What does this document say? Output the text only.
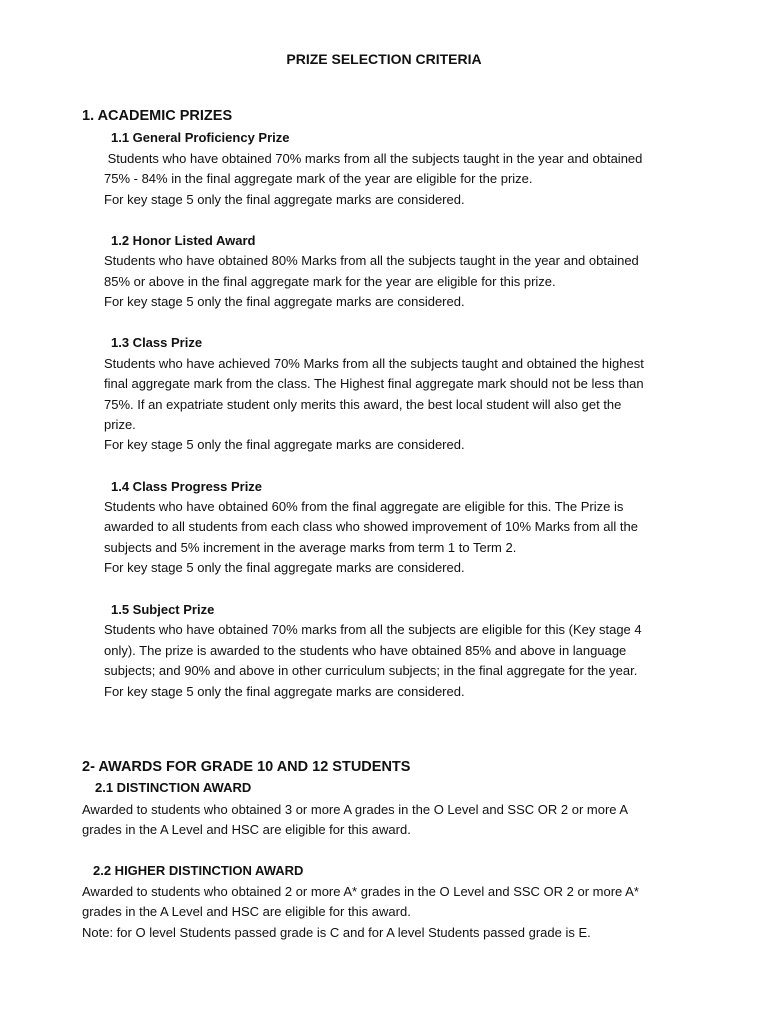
PRIZE SELECTION CRITERIA
1. ACADEMIC PRIZES
1.1 General Proficiency Prize
Students who have obtained 70% marks from all the subjects taught in the year and obtained
75% - 84% in the final aggregate mark of the year are eligible for the prize.
For key stage 5 only the final aggregate marks are considered.
1.2 Honor Listed Award
Students who have obtained 80% Marks from all the subjects taught in the year and obtained
85% or above in the final aggregate mark for the year are eligible for this prize.
For key stage 5 only the final aggregate marks are considered.
1.3 Class Prize
Students who have achieved 70% Marks from all the subjects taught and obtained the highest
final aggregate mark from the class. The Highest final aggregate mark should not be less than
75%. If an expatriate student only merits this award, the best local student will also get the
prize.
For key stage 5 only the final aggregate marks are considered.
1.4 Class Progress Prize
Students who have obtained 60% from the final aggregate are eligible for this. The Prize is
awarded to all students from each class who showed improvement of 10% Marks from all the
subjects and 5% increment in the average marks from term 1 to Term 2.
For key stage 5 only the final aggregate marks are considered.
1.5 Subject Prize
Students who have obtained 70% marks from all the subjects are eligible for this (Key stage 4
only). The prize is awarded to the students who have obtained 85% and above in language
subjects; and 90% and above in other curriculum subjects; in the final aggregate for the year.
For key stage 5 only the final aggregate marks are considered.
2- AWARDS FOR GRADE 10 AND 12 STUDENTS
2.1 DISTINCTION AWARD
Awarded to students who obtained 3 or more A grades in the O Level and SSC OR 2 or more A
grades in the A Level and HSC are eligible for this award.
2.2 HIGHER DISTINCTION AWARD
Awarded to students who obtained 2 or more A* grades in the O Level and SSC OR 2 or more A*
grades in the A Level and HSC are eligible for this award.
Note: for O level Students passed grade is C and for A level Students passed grade is E.
